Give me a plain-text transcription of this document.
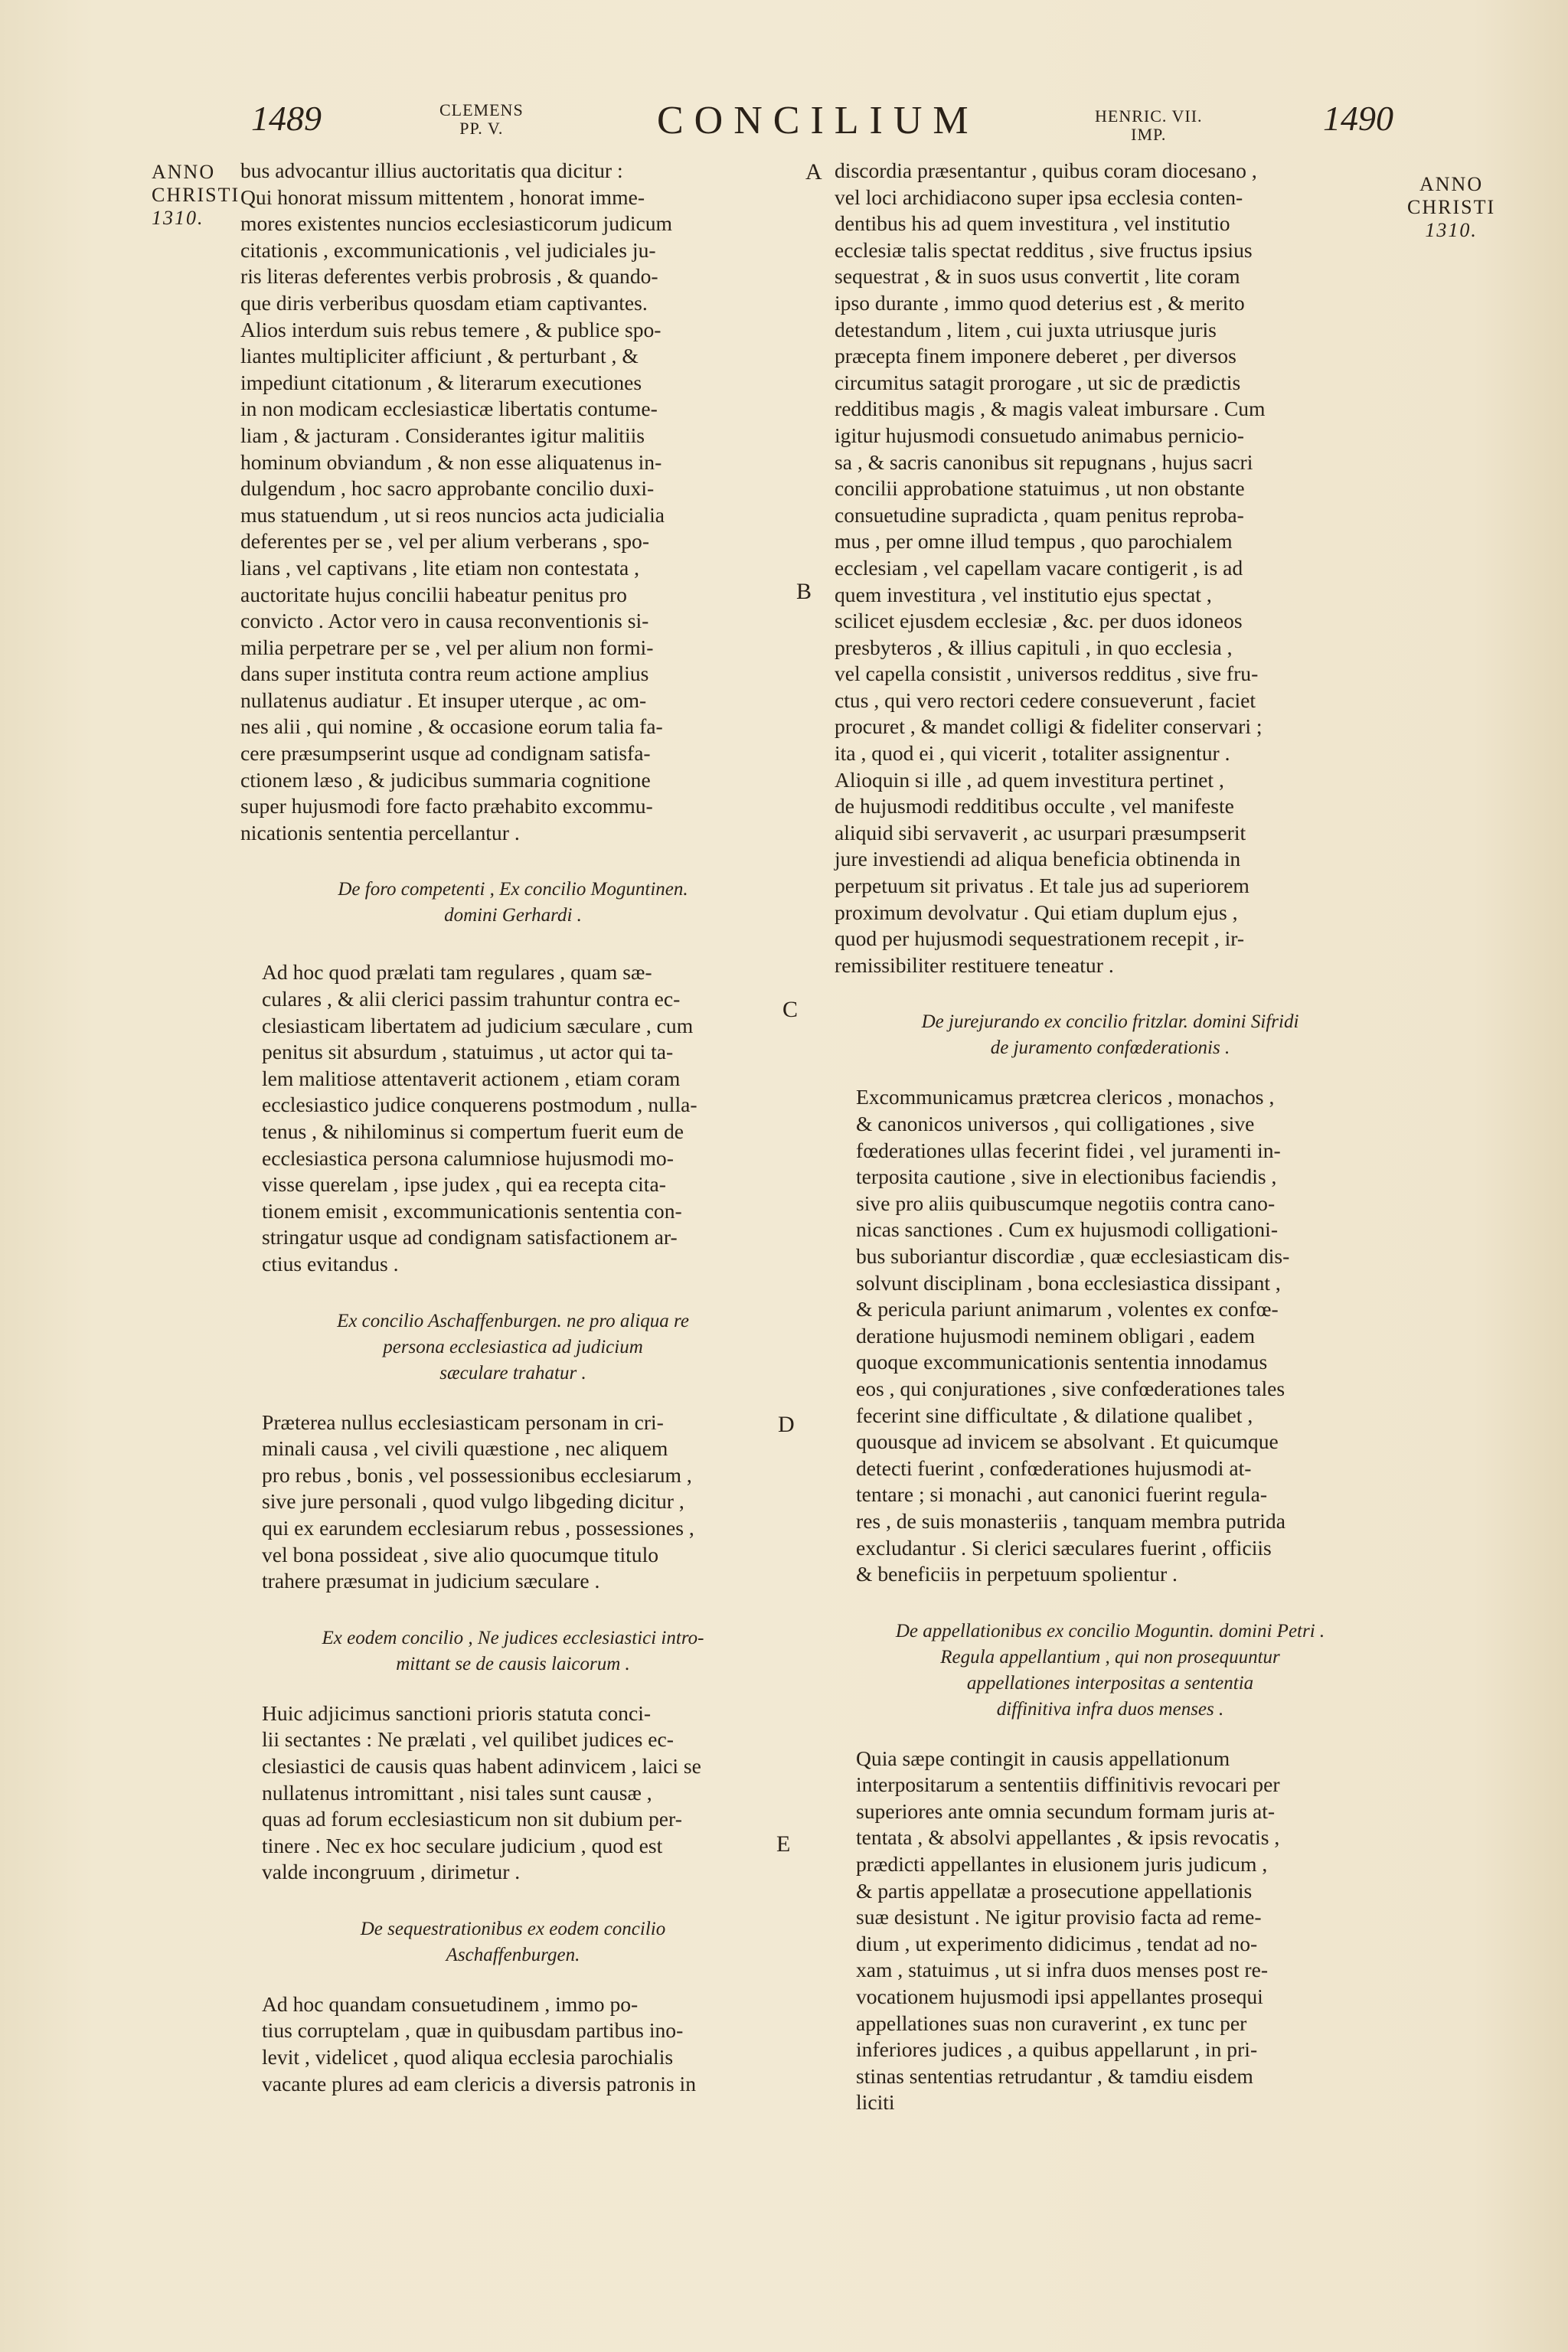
1489	CLEMENS
PP. V.	CONCILIUM	HENRIC. VII.
IMP.	1490
ANNO
CHRISTI
1310.
ANNO
CHRISTI
1310.
A
B
C
D
E

bus advocantur illius auctoritatis qua dicitur :
Qui honorat missum mittentem , honorat imme-
mores existentes nuncios ecclesiasticorum judicum
citationis , excommunicationis , vel judiciales ju-
ris literas deferentes verbis probrosis , & quando-
que diris verberibus quosdam etiam captivantes.
Alios interdum suis rebus temere , & publice spo-
liantes multipliciter afficiunt , & perturbant , &
impediunt citationum , & literarum executiones
in non modicam ecclesiasticæ libertatis contume-
liam , & jacturam . Considerantes igitur malitiis
hominum obviandum , & non esse aliquatenus in-
dulgendum , hoc sacro approbante concilio duxi-
mus statuendum , ut si reos nuncios acta judicialia
deferentes per se , vel per alium verberans , spo-
lians , vel captivans , lite etiam non contestata ,
auctoritate hujus concilii habeatur penitus pro
convicto . Actor vero in causa reconventionis si-
milia perpetrare per se , vel per alium non formi-
dans super instituta contra reum actione amplius
nullatenus audiatur . Et insuper uterque , ac om-
nes alii , qui nomine , & occasione eorum talia fa-
cere præsumpserint usque ad condignam satisfa-
ctionem læso , & judicibus summaria cognitione
super hujusmodi fore facto præhabito excommu-
nicationis sententia percellantur .

De foro competenti , Ex concilio Moguntinen.
domini Gerhardi .

Ad hoc quod prælati tam regulares , quam sæ-
culares , & alii clerici passim trahuntur contra ec-
clesiasticam libertatem ad judicium sæculare , cum
penitus sit absurdum , statuimus , ut actor qui ta-
lem malitiose attentaverit actionem , etiam coram
ecclesiastico judice conquerens postmodum , nulla-
tenus , & nihilominus si compertum fuerit eum de
ecclesiastica persona calumniose hujusmodi mo-
visse querelam , ipse judex , qui ea recepta cita-
tionem emisit , excommunicationis sententia con-
stringatur usque ad condignam satisfactionem ar-
ctius evitandus .

Ex concilio Aschaffenburgen. ne pro aliqua re
persona ecclesiastica ad judicium
sæculare trahatur .

Præterea nullus ecclesiasticam personam in cri-
minali causa , vel civili quæstione , nec aliquem
pro rebus , bonis , vel possessionibus ecclesiarum ,
sive jure personali , quod vulgo libgeding dicitur ,
qui ex earundem ecclesiarum rebus , possessiones ,
vel bona possideat , sive alio quocumque titulo
trahere præsumat in judicium sæculare .

Ex eodem concilio , Ne judices ecclesiastici intro-
mittant se de causis laicorum .

Huic adjicimus sanctioni prioris statuta conci-
lii sectantes : Ne prælati , vel quilibet judices ec-
clesiastici de causis quas habent adinvicem , laici se
nullatenus intromittant , nisi tales sunt causæ ,
quas ad forum ecclesiasticum non sit dubium per-
tinere . Nec ex hoc seculare judicium , quod est
valde incongruum , dirimetur .

De sequestrationibus ex eodem concilio
Aschaffenburgen.

Ad hoc quandam consuetudinem , immo po-
tius corruptelam , quæ in quibusdam partibus ino-
levit , videlicet , quod aliqua ecclesia parochialis
vacante plures ad eam clericis a diversis patronis in

discordia præsentantur , quibus coram diocesano ,
vel loci archidiacono super ipsa ecclesia conten-
dentibus his ad quem investitura , vel institutio
ecclesiæ talis spectat redditus , sive fructus ipsius
sequestrat , & in suos usus convertit , lite coram
ipso durante , immo quod deterius est , & merito
detestandum , litem , cui juxta utriusque juris
præcepta finem imponere deberet , per diversos
circumitus satagit prorogare , ut sic de prædictis
redditibus magis , & magis valeat imbursare . Cum
igitur hujusmodi consuetudo animabus pernicio-
sa , & sacris canonibus sit repugnans , hujus sacri
concilii approbatione statuimus , ut non obstante
consuetudine supradicta , quam penitus reproba-
mus , per omne illud tempus , quo parochialem
ecclesiam , vel capellam vacare contigerit , is ad
quem investitura , vel institutio ejus spectat ,
scilicet ejusdem ecclesiæ , &c. per duos idoneos
presbyteros , & illius capituli , in quo ecclesia ,
vel capella consistit , universos redditus , sive fru-
ctus , qui vero rectori cedere consueverunt , faciet
procuret , & mandet colligi & fideliter conservari ;
ita , quod ei , qui vicerit , totaliter assignentur .
Alioquin si ille , ad quem investitura pertinet ,
de hujusmodi redditibus occulte , vel manifeste
aliquid sibi servaverit , ac usurpari præsumpserit
jure investiendi ad aliqua beneficia obtinenda in
perpetuum sit privatus . Et tale jus ad superiorem
proximum devolvatur . Qui etiam duplum ejus ,
quod per hujusmodi sequestrationem recepit , ir-
remissibiliter restituere teneatur .

De jurejurando ex concilio fritzlar. domini Sifridi
de juramento confœderationis .

Excommunicamus prætcrea clericos , monachos ,
& canonicos universos , qui colligationes , sive
fœderationes ullas fecerint fidei , vel juramenti in-
terposita cautione , sive in electionibus faciendis ,
sive pro aliis quibuscumque negotiis contra cano-
nicas sanctiones . Cum ex hujusmodi colligationi-
bus suboriantur discordiæ , quæ ecclesiasticam dis-
solvunt disciplinam , bona ecclesiastica dissipant ,
& pericula pariunt animarum , volentes ex confœ-
deratione hujusmodi neminem obligari , eadem
quoque excommunicationis sententia innodamus
eos , qui conjurationes , sive confœderationes tales
fecerint sine difficultate , & dilatione qualibet ,
quousque ad invicem se absolvant . Et quicumque
detecti fuerint , confœderationes hujusmodi at-
tentare ; si monachi , aut canonici fuerint regula-
res , de suis monasteriis , tanquam membra putrida
excludantur . Si clerici sæculares fuerint , officiis
& beneficiis in perpetuum spolientur .

De appellationibus ex concilio Moguntin. domini Petri .
Regula appellantium , qui non prosequuntur
appellationes interpositas a sententia
diffinitiva infra duos menses .

Quia sæpe contingit in causis appellationum
interpositarum a sententiis diffinitivis revocari per
superiores ante omnia secundum formam juris at-
tentata , & absolvi appellantes , & ipsis revocatis ,
prædicti appellantes in elusionem juris judicum ,
& partis appellatæ a prosecutione appellationis
suæ desistunt . Ne igitur provisio facta ad reme-
dium , ut experimento didicimus , tendat ad no-
xam , statuimus , ut si infra duos menses post re-
vocationem hujusmodi ipsi appellantes prosequi
appellationes suas non curaverint , ex tunc per
inferiores judices , a quibus appellarunt , in pri-
stinas sententias retrudantur , & tamdiu eisdem
liciti
